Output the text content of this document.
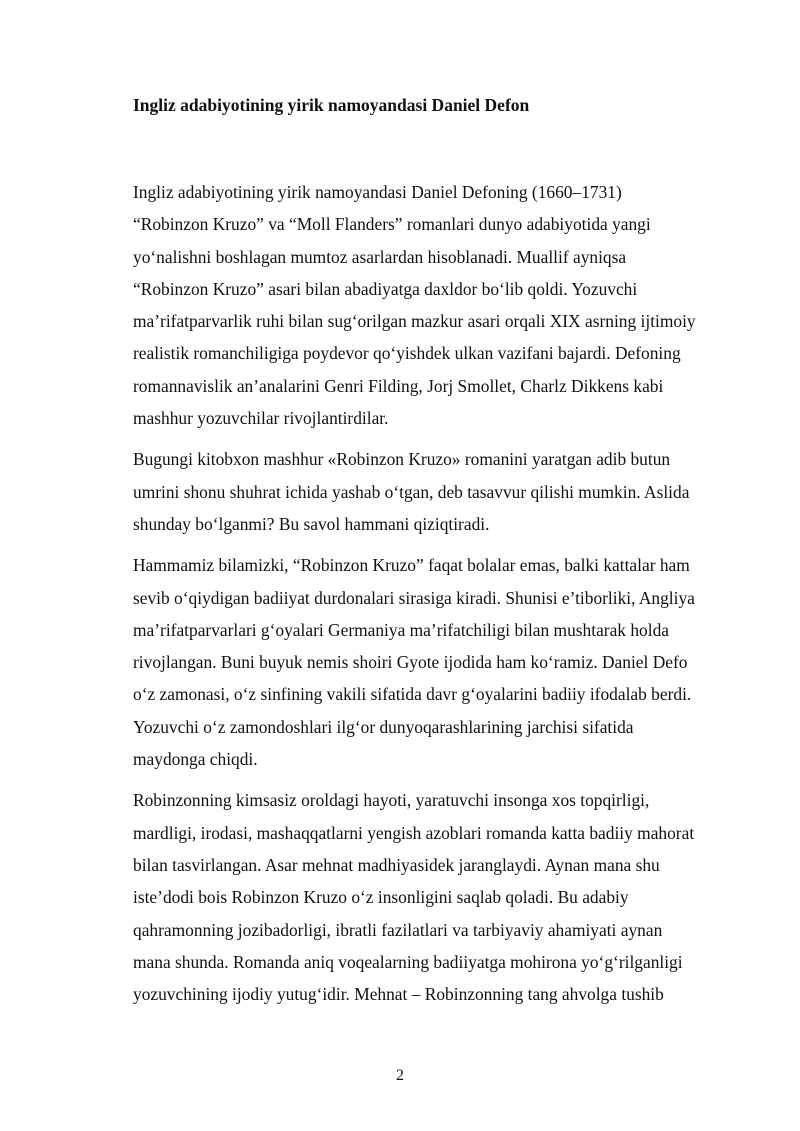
Ingliz adabiyotining yirik namoyandasi Daniel Defon

Ingliz adabiyotining yirik namoyandasi Daniel Defoning (1660–1731)
“Robinzon Kruzo” va “Moll Flanders” romanlari dunyo adabiyotida yangi
yo‘nalishni boshlagan mumtoz asarlardan hisoblanadi. Muallif ayniqsa
“Robinzon Kruzo” asari bilan abadiyatga daxldor bo‘lib qoldi. Yozuvchi
ma’rifatparvarlik ruhi bilan sug‘orilgan mazkur asari orqali XIX asrning ijtimoiy
realistik romanchiligiga poydevor qo‘yishdek ulkan vazifani bajardi. Defoning
romannavislik an’analarini Genri Filding, Jorj Smollet, Charlz Dikkens kabi
mashhur yozuvchilar rivojlantirdilar.

Bugungi kitobxon mashhur «Robinzon Kruzo» romanini yaratgan adib butun
umrini shonu shuhrat ichida yashab o‘tgan, deb tasavvur qilishi mumkin. Aslida
shunday bo‘lganmi? Bu savol hammani qiziqtiradi.

Hammamiz bilamizki, “Robinzon Kruzo” faqat bolalar emas, balki kattalar ham
sevib o‘qiydigan badiiyat durdonalari sirasiga kiradi. Shunisi e’tiborliki, Angliya
ma’rifatparvarlari g‘oyalari Germaniya ma’rifatchiligi bilan mushtarak holda
rivojlangan. Buni buyuk nemis shoiri Gyote ijodida ham ko‘ramiz. Daniel Defo
o‘z zamonasi, o‘z sinfining vakili sifatida davr g‘oyalarini badiiy ifodalab berdi.
Yozuvchi o‘z zamondoshlari ilg‘or dunyoqarashlarining jarchisi sifatida
maydonga chiqdi.

Robinzonning kimsasiz oroldagi hayoti, yaratuvchi insonga xos topqirligi,
mardligi, irodasi, mashaqqatlarni yengish azoblari romanda katta badiiy mahorat
bilan tasvirlangan. Asar mehnat madhiyasidek jaranglaydi. Aynan mana shu
iste’dodi bois Robinzon Kruzo o‘z insonligini saqlab qoladi. Bu adabiy
qahramonning jozibadorligi, ibratli fazilatlari va tarbiyaviy ahamiyati aynan
mana shunda. Romanda aniq voqealarning badiiyatga mohirona yo‘g‘rilganligi
yozuvchining ijodiy yutug‘idir. Mehnat – Robinzonning tang ahvolga tushib

2
